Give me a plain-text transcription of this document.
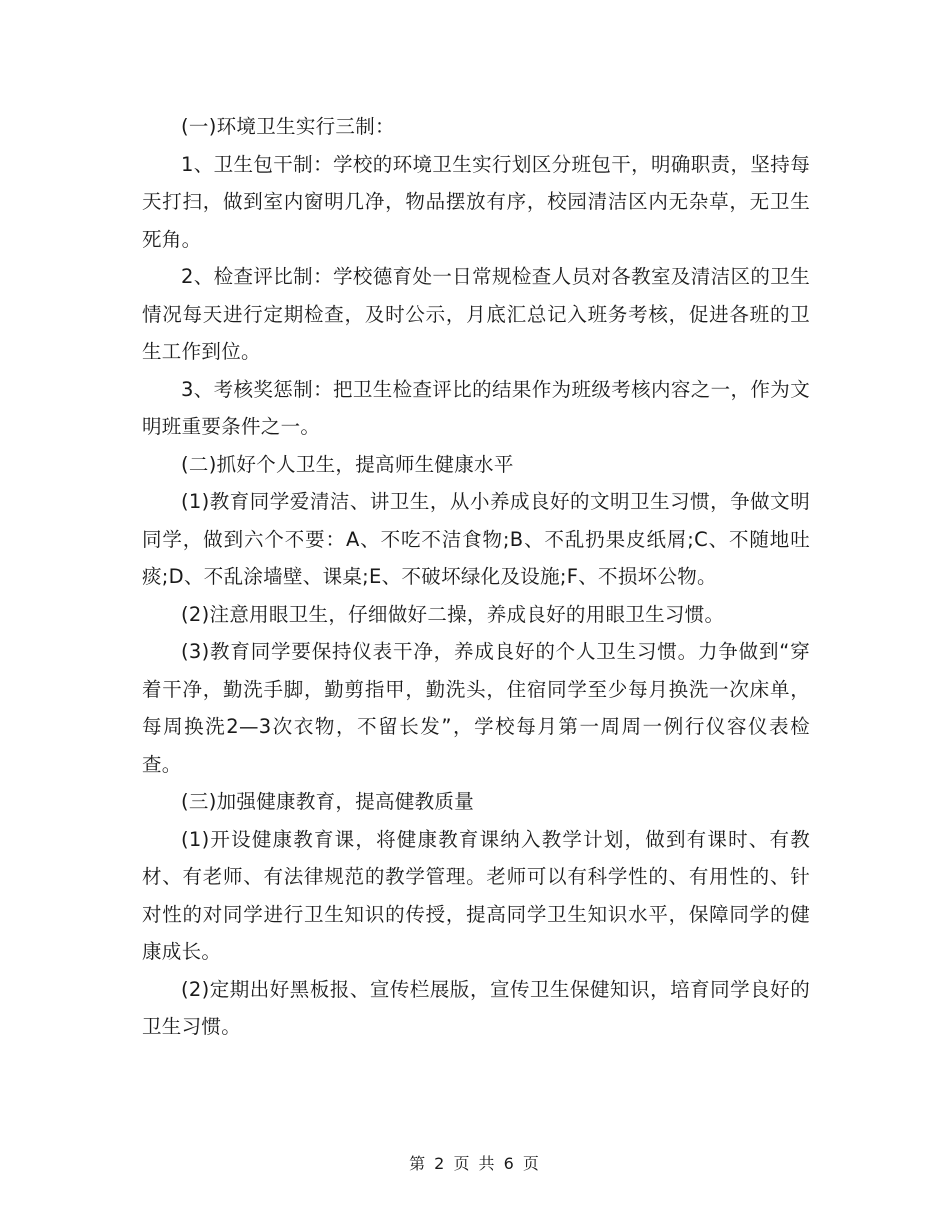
(一)环境卫生实行三制：

1、卫生包干制：学校的环境卫生实行划区分班包干，明确职责，坚持每天打扫，做到室内窗明几净，物品摆放有序，校园清洁区内无杂草，无卫生死角。

2、检查评比制：学校德育处一日常规检查人员对各教室及清洁区的卫生情况每天进行定期检查，及时公示，月底汇总记入班务考核，促进各班的卫生工作到位。

3、考核奖惩制：把卫生检查评比的结果作为班级考核内容之一，作为文明班重要条件之一。

(二)抓好个人卫生，提高师生健康水平

(1)教育同学爱清洁、讲卫生，从小养成良好的文明卫生习惯，争做文明同学，做到六个不要：A、不吃不洁食物;B、不乱扔果皮纸屑;C、不随地吐痰;D、不乱涂墙壁、课桌;E、不破坏绿化及设施;F、不损坏公物。

(2)注意用眼卫生，仔细做好二操，养成良好的用眼卫生习惯。

(3)教育同学要保持仪表干净，养成良好的个人卫生习惯。力争做到“穿着干净，勤洗手脚，勤剪指甲，勤洗头，住宿同学至少每月换洗一次床单，每周换洗2—3次衣物，不留长发”，学校每月第一周周一例行仪容仪表检查。

(三)加强健康教育，提高健教质量

(1)开设健康教育课，将健康教育课纳入教学计划，做到有课时、有教材、有老师、有法律规范的教学管理。老师可以有科学性的、有用性的、针对性的对同学进行卫生知识的传授，提高同学卫生知识水平，保障同学的健康成长。

(2)定期出好黑板报、宣传栏展版，宣传卫生保健知识，培育同学良好的卫生习惯。

第 2 页 共 6 页
